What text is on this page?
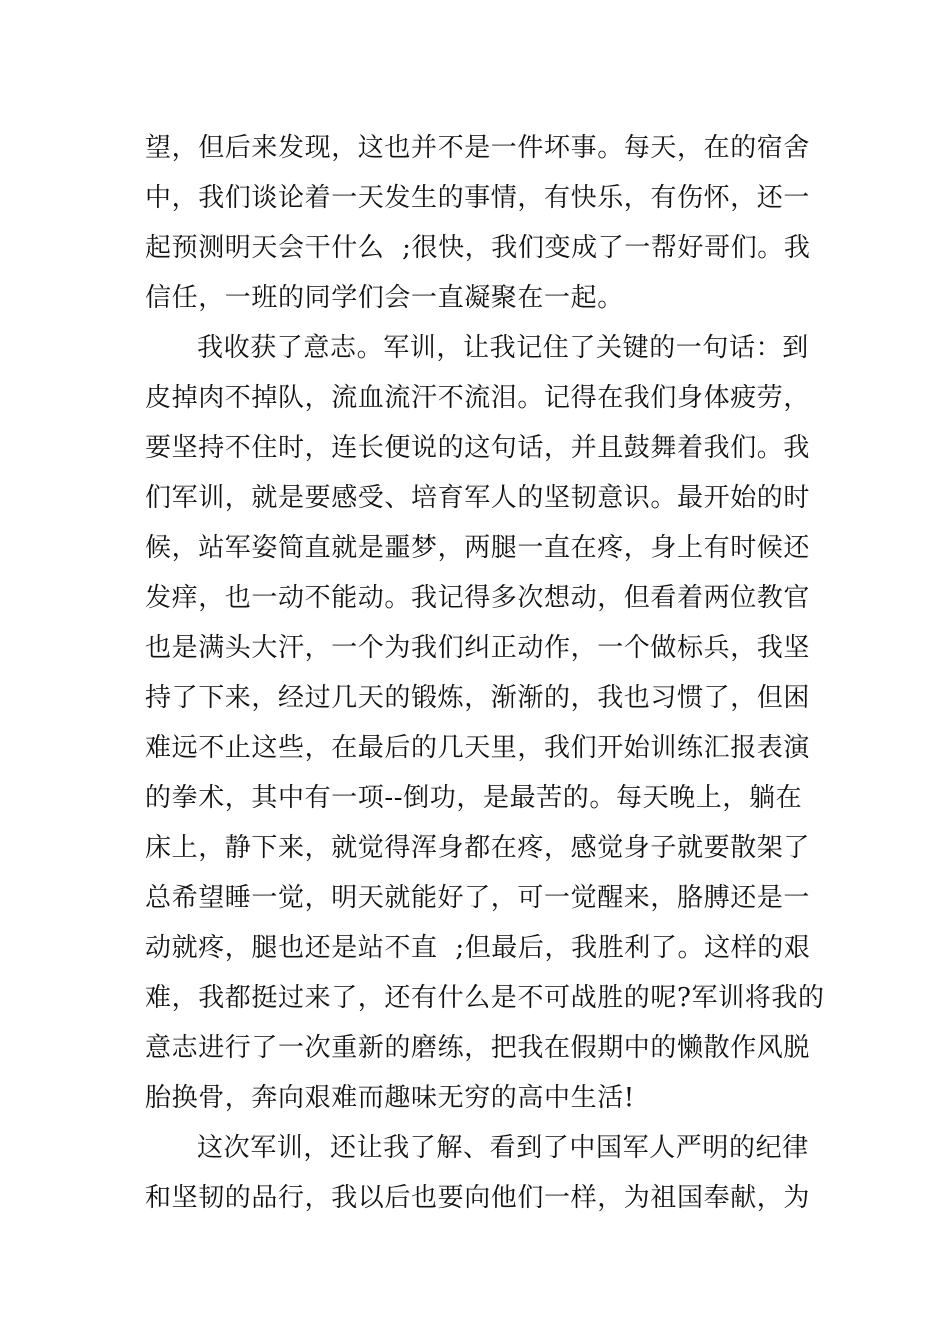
望，但后来发现，这也并不是一件坏事。每天，在的宿舍
中，我们谈论着一天发生的事情，有快乐，有伤怀，还一
起预测明天会干什么  ;很快，我们变成了一帮好哥们。我
信任，一班的同学们会一直凝聚在一起。
我收获了意志。军训，让我记住了关键的一句话：到
皮掉肉不掉队，流血流汗不流泪。记得在我们身体疲劳，
要坚持不住时，连长便说的这句话，并且鼓舞着我们。我
们军训，就是要感受、培育军人的坚韧意识。最开始的时
候，站军姿简直就是噩梦，两腿一直在疼，身上有时候还
发痒，也一动不能动。我记得多次想动，但看着两位教官
也是满头大汗，一个为我们纠正动作，一个做标兵，我坚
持了下来，经过几天的锻炼，渐渐的，我也习惯了，但困
难远不止这些，在最后的几天里，我们开始训练汇报表演
的拳术，其中有一项--倒功，是最苦的。每天晚上，躺在
床上，静下来，就觉得浑身都在疼，感觉身子就要散架了
总希望睡一觉，明天就能好了，可一觉醒来，胳膊还是一
动就疼，腿也还是站不直  ;但最后，我胜利了。这样的艰
难，我都挺过来了，还有什么是不可战胜的呢?军训将我的
意志进行了一次重新的磨练，把我在假期中的懒散作风脱
胎换骨，奔向艰难而趣味无穷的高中生活!
这次军训，还让我了解、看到了中国军人严明的纪律
和坚韧的品行，我以后也要向他们一样，为祖国奉献，为
